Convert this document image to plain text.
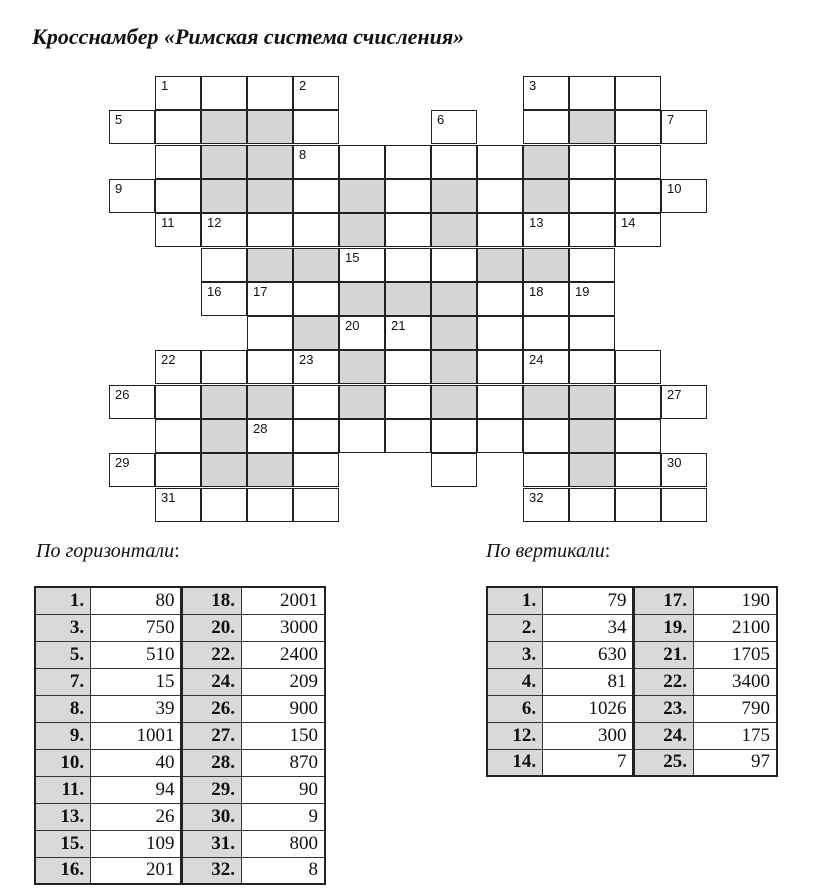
Кросснамбер «Римская система счисления»
1	2	3
5	6	7
8
9	10
11	12	13	14
15
16 17	18 19
20 21
22	23	24
26	27
28
29	30
31	32
По горизонтали:
1.	80	18.	2001
3.	750	20.	3000
5.	510	22.	2400
7.	15	24.	209
8.	39	26.	900
9.	1001	27.	150
10.	40	28.	870
11.	94	29.	90
13.	26	30.	9
15.	109	31.	800
16.	201	32.	8
По вертикали:
1.	79	17.	190
2.	34	19.	2100
3.	630	21.	1705
4.	81	22.	3400
6.	1026	23.	790
12.	300	24.	175
14.	7	25.	97
